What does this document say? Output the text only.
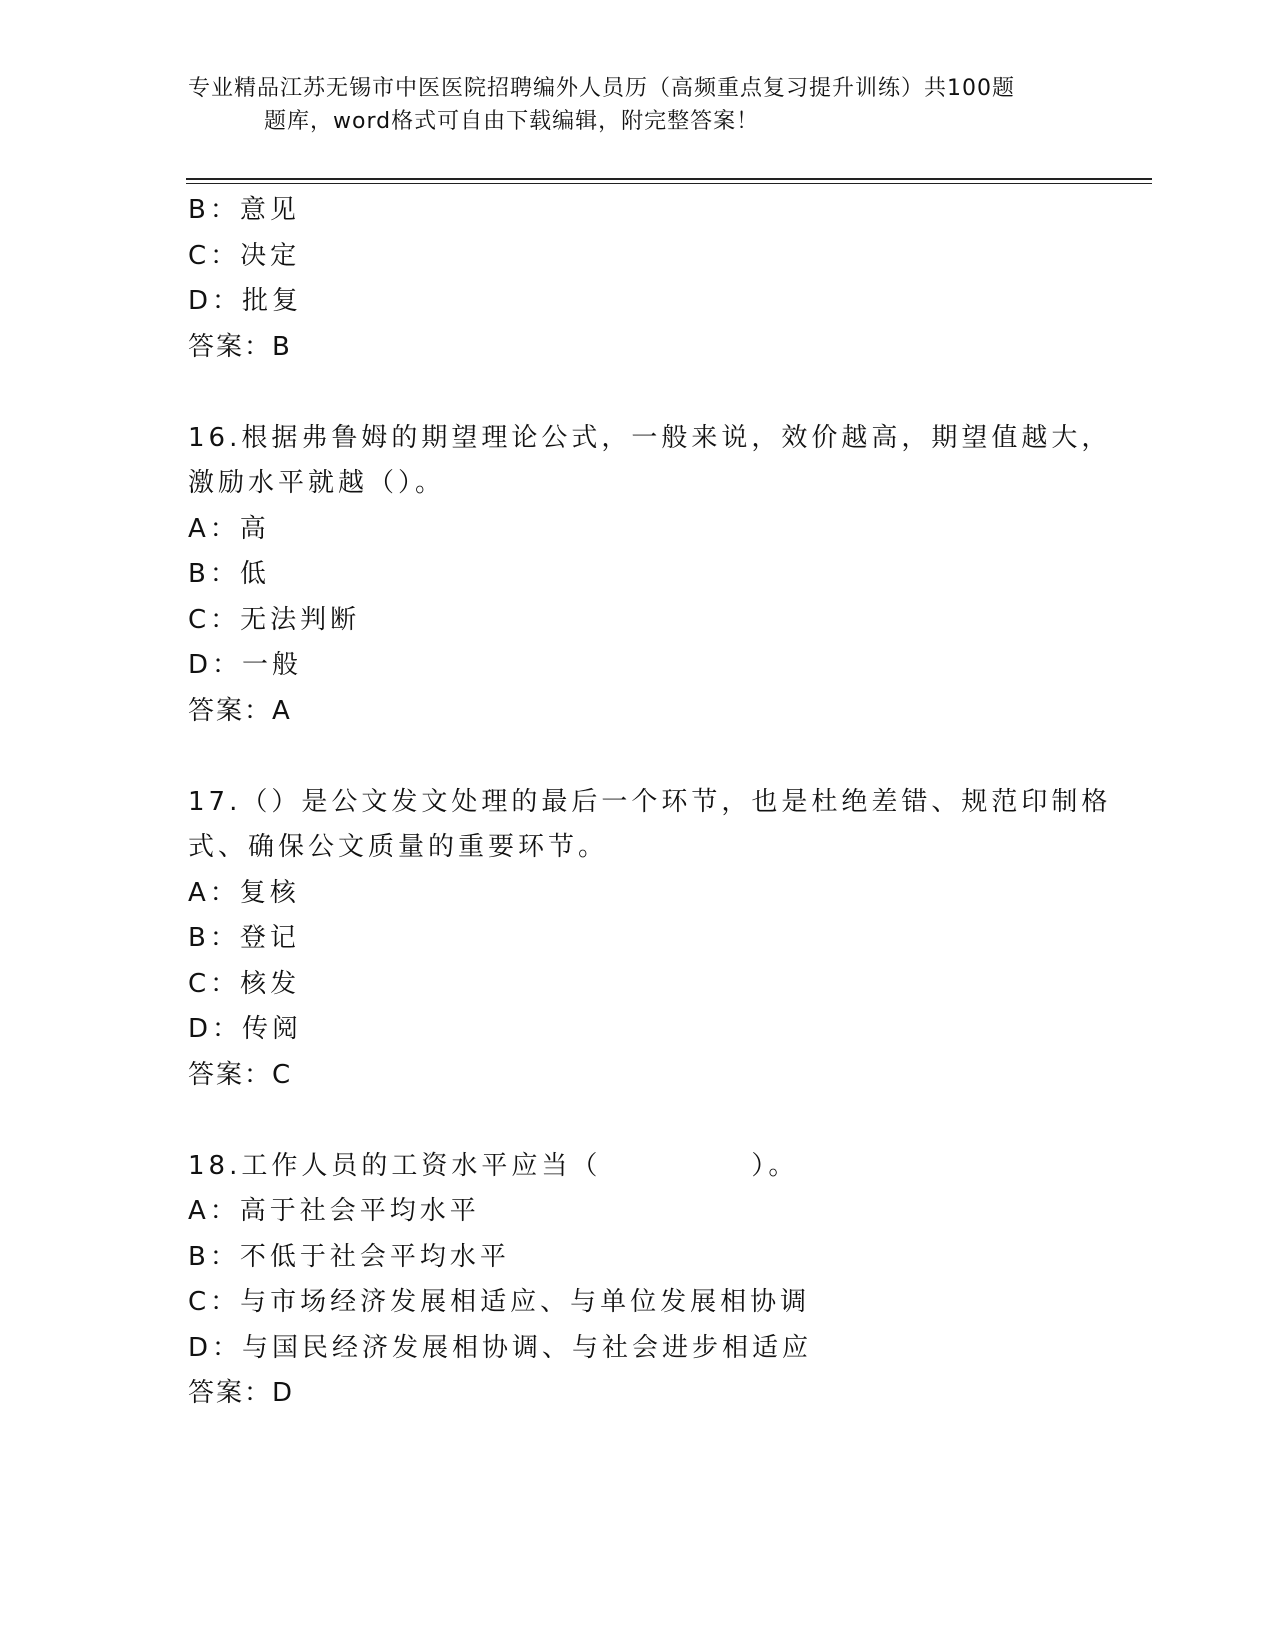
专业精品江苏无锡市中医医院招聘编外人员历（高频重点复习提升训练）共100题
题库，word格式可自由下载编辑，附完整答案！
B：意见
C：决定
D：批复
答案：B
16.根据弗鲁姆的期望理论公式，一般来说，效价越高，期望值越大，
激励水平就越（）。
A：高
B：低
C：无法判断
D：一般
答案：A
17.（）是公文发文处理的最后一个环节，也是杜绝差错、规范印制格
式、确保公文质量的重要环节。
A：复核
B：登记
C：核发
D：传阅
答案：C
18.工作人员的工资水平应当（　　　　　）。
A：高于社会平均水平
B：不低于社会平均水平
C：与市场经济发展相适应、与单位发展相协调
D：与国民经济发展相协调、与社会进步相适应
答案：D
